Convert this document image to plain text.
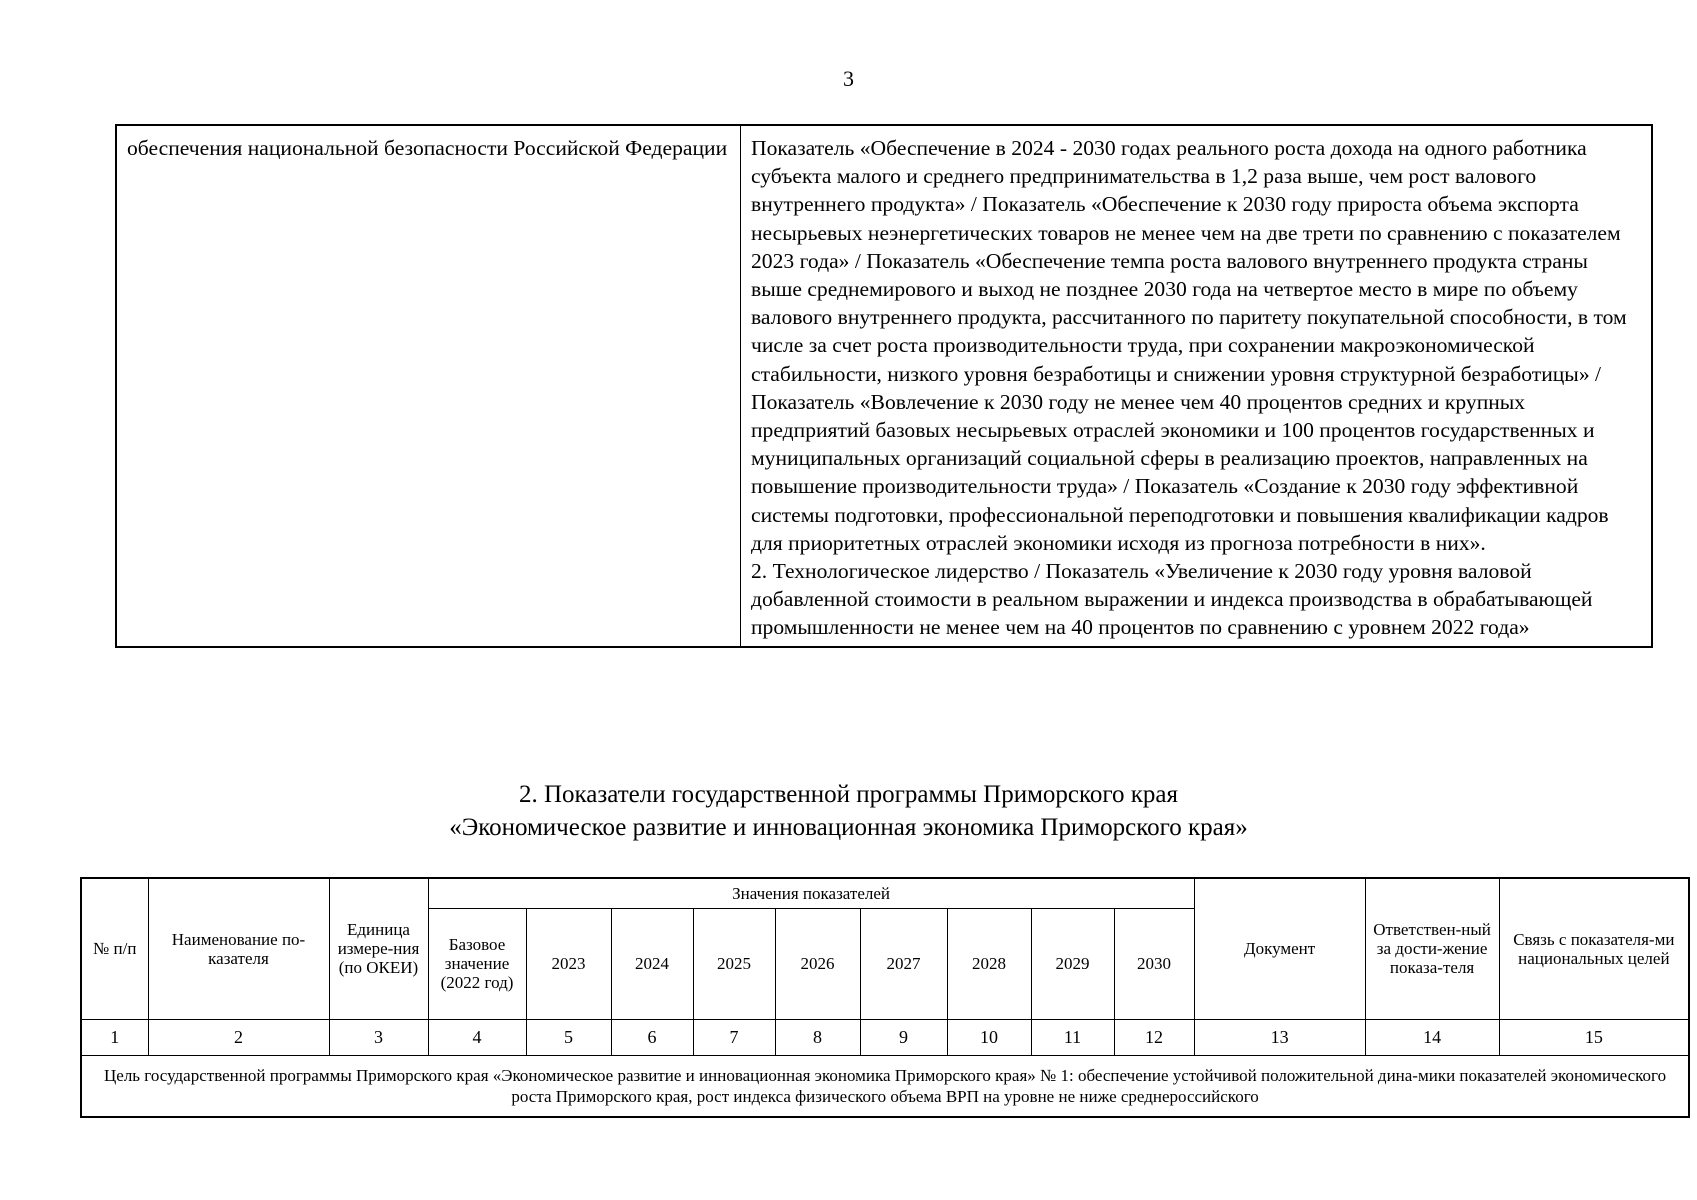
3
обеспечения национальной безопасности Российской Федерации	Показатель «Обеспечение в 2024 - 2030 годах реального роста дохода на одного работника субъекта малого и среднего предпринимательства в 1,2 раза выше, чем рост валового внутреннего продукта» / Показатель «Обеспечение к 2030 году прироста объема экспорта несырьевых неэнергетических товаров не менее чем на две трети по сравнению с показателем 2023 года» / Показатель «Обеспечение темпа роста валового внутреннего продукта страны выше среднемирового и выход не позднее 2030 года на четвертое место в мире по объему валового внутреннего продукта, рассчитанного по паритету покупательной способности, в том числе за счет роста производительности труда, при сохранении макроэкономической стабильности, низкого уровня безработицы и снижении уровня структурной безработицы» / Показатель «Вовлечение к 2030 году не менее чем 40 процентов средних и крупных предприятий базовых несырьевых отраслей экономики и 100 процентов государственных и муниципальных организаций социальной сферы в реализацию проектов, направленных на повышение производительности труда» / Показатель «Создание к 2030 году эффективной системы подготовки, профессиональной переподготовки и повышения квалификации кадров для приоритетных отраслей экономики исходя из прогноза потребности в них».
2. Технологическое лидерство / Показатель «Увеличение к 2030 году уровня валовой добавленной стоимости в реальном выражении и индекса производства в обрабатывающей промышленности не менее чем на 40 процентов по сравнению с уровнем 2022 года»
2. Показатели государственной программы Приморского края
«Экономическое развитие и инновационная экономика Приморского края»
№ п/п	Наименование по-казателя	Единица измере-ния (по ОКЕИ)	Значения показателей									Документ	Ответствен-ный за дости-жение показа-теля	Связь с показателя-ми национальных целей
			Базовое значение (2022 год)	2023	2024	2025	2026	2027	2028	2029	2030			
1	2	3	4	5	6	7	8	9	10	11	12	13	14	15
Цель государственной программы Приморского края «Экономическое развитие и инновационная экономика Приморского края» № 1: обеспечение устойчивой положительной дина-мики показателей экономического роста Приморского края, рост индекса физического объема ВРП на уровне не ниже среднероссийского														
